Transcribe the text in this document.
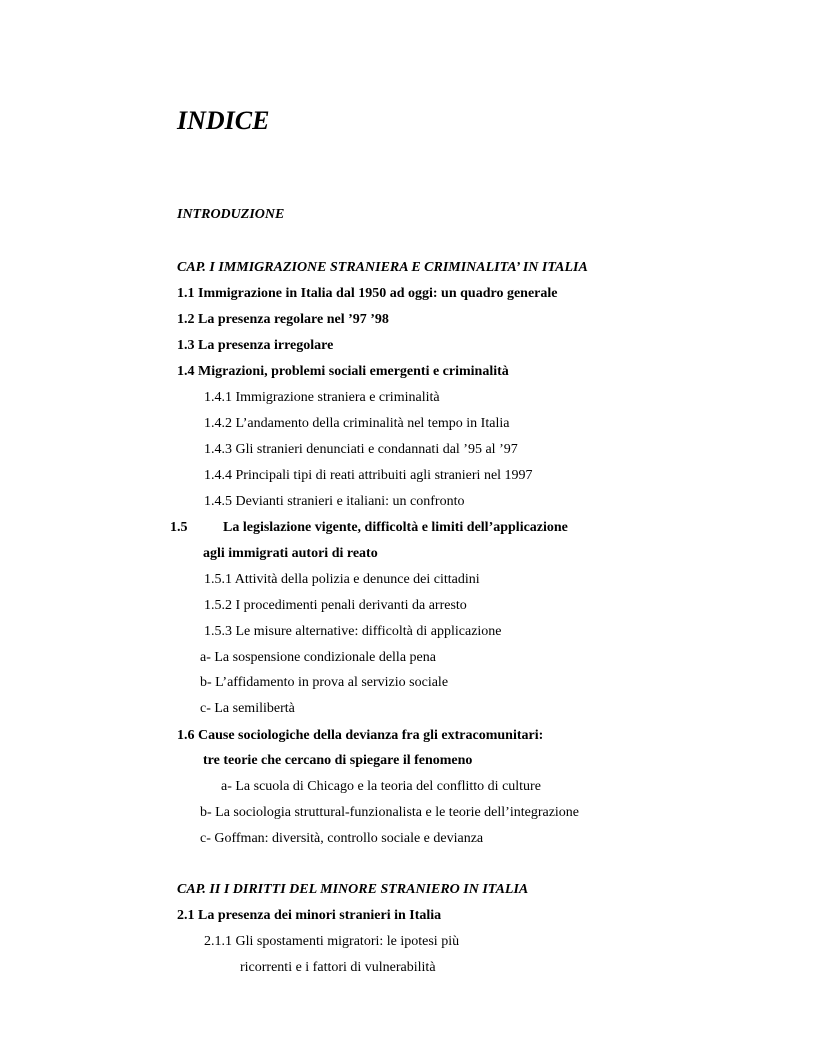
INDICE
INTRODUZIONE
CAP. I IMMIGRAZIONE STRANIERA E CRIMINALITA’ IN ITALIA
1.1 Immigrazione in Italia dal 1950 ad oggi: un quadro generale
1.2 La presenza regolare nel ’97 ’98
1.3 La presenza irregolare
1.4 Migrazioni, problemi sociali emergenti e criminalità
1.4.1 Immigrazione straniera e criminalità
1.4.2 L’andamento della criminalità nel tempo in Italia
1.4.3 Gli stranieri denunciati e condannati dal ’95 al ’97
1.4.4 Principali tipi di reati attribuiti agli stranieri nel 1997
1.4.5 Devianti stranieri e italiani: un confronto
1.5	La legislazione vigente, difficoltà e limiti dell’applicazione
agli immigrati autori di reato
1.5.1 Attività della polizia e denunce dei cittadini
1.5.2 I procedimenti penali derivanti da arresto
1.5.3 Le misure alternative: difficoltà di applicazione
a- La sospensione condizionale della pena
b- L’affidamento in prova al servizio sociale
c- La semilibertà
1.6 Cause sociologiche della devianza fra gli extracomunitari:
tre teorie che cercano di spiegare il fenomeno
a- La scuola di Chicago e la teoria del conflitto di culture
b- La sociologia struttural-funzionalista e le teorie dell’integrazione
c- Goffman: diversità, controllo sociale e devianza
CAP. II I DIRITTI DEL MINORE STRANIERO IN ITALIA
2.1 La presenza dei minori stranieri in Italia
2.1.1 Gli spostamenti migratori: le ipotesi più
ricorrenti e i fattori di vulnerabilità
